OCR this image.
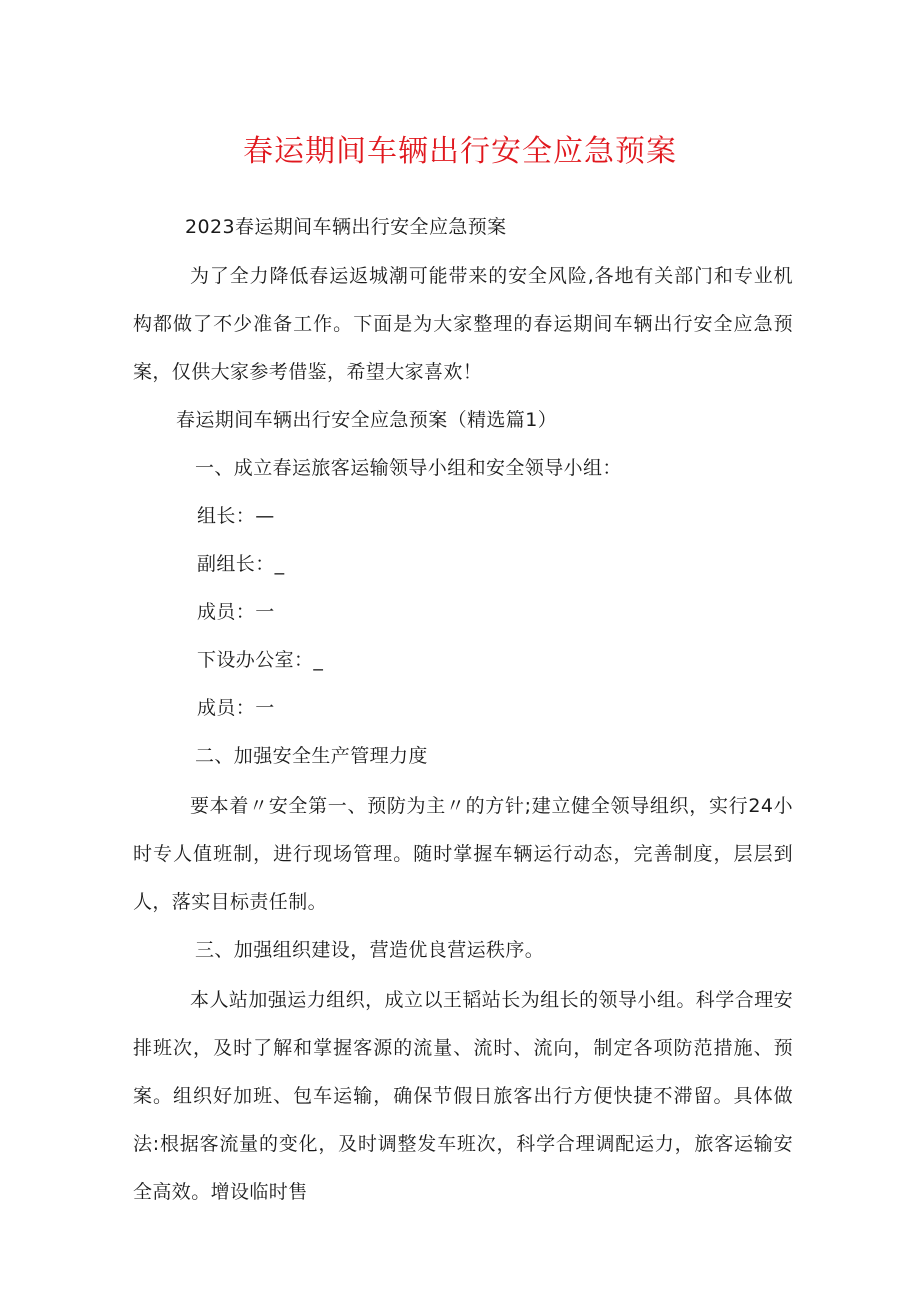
春运期间车辆出行安全应急预案
2023春运期间车辆出行安全应急预案
为了全力降低春运返城潮可能带来的安全风险,各地有关部门和专业机构都做了不少准备工作。下面是为大家整理的春运期间车辆出行安全应急预案，仅供大家参考借鉴，希望大家喜欢！
春运期间车辆出行安全应急预案（精选篇1）
一、成立春运旅客运输领导小组和安全领导小组：
组长：—
副组长：_
成员：一
下设办公室：_
成员：一
二、加强安全生产管理力度
要本着〃安全第一、预防为主〃的方针;建立健全领导组织，实行24小时专人值班制，进行现场管理。随时掌握车辆运行动态，完善制度，层层到人，落实目标责任制。
三、加强组织建设，营造优良营运秩序。
本人站加强运力组织，成立以王韬站长为组长的领导小组。科学合理安排班次，及时了解和掌握客源的流量、流时、流向，制定各项防范措施、预案。组织好加班、包车运输，确保节假日旅客出行方便快捷不滞留。具体做法:根据客流量的变化，及时调整发车班次，科学合理调配运力，旅客运输安全高效。增设临时售
